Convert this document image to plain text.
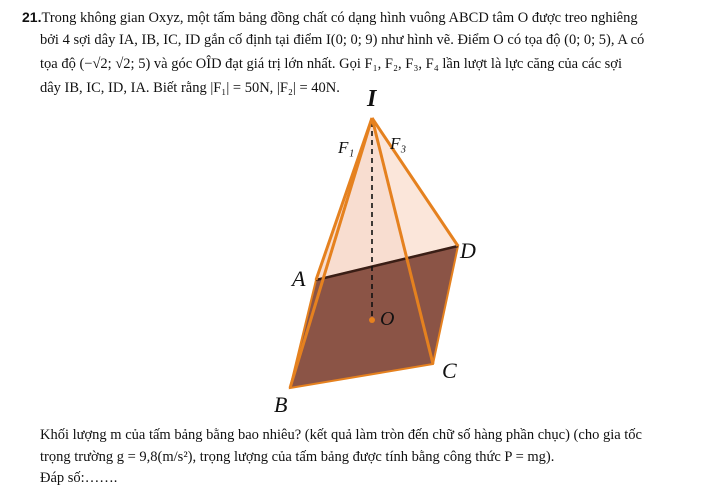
21.Trong không gian Oxyz, một tấm bảng đồng chất có dạng hình vuông ABCD tâm O được treo nghiêng
bởi 4 sợi dây IA, IB, IC, ID gắn cố định tại điểm I(0; 0; 9) như hình vẽ. Điểm O có tọa độ (0; 0; 5), A có
tọa độ (−√2; √2; 5) và góc OÎD đạt giá trị lớn nhất. Gọi F₁, F₂, F₃, F₄ lần lượt là lực căng của các sợi
dây IB, IC, ID, IA. Biết rằng |F₁| = 50N, |F₂| = 40N. I
F₁ F₃
D
A
O
C
B
Khối lượng m của tấm bảng bằng bao nhiêu? (kết quả làm tròn đến chữ số hàng phần chục) (cho gia tốc
trọng trường g = 9,8(m/s²), trọng lượng của tấm bảng được tính bằng công thức P = mg).
Đáp số:…….
